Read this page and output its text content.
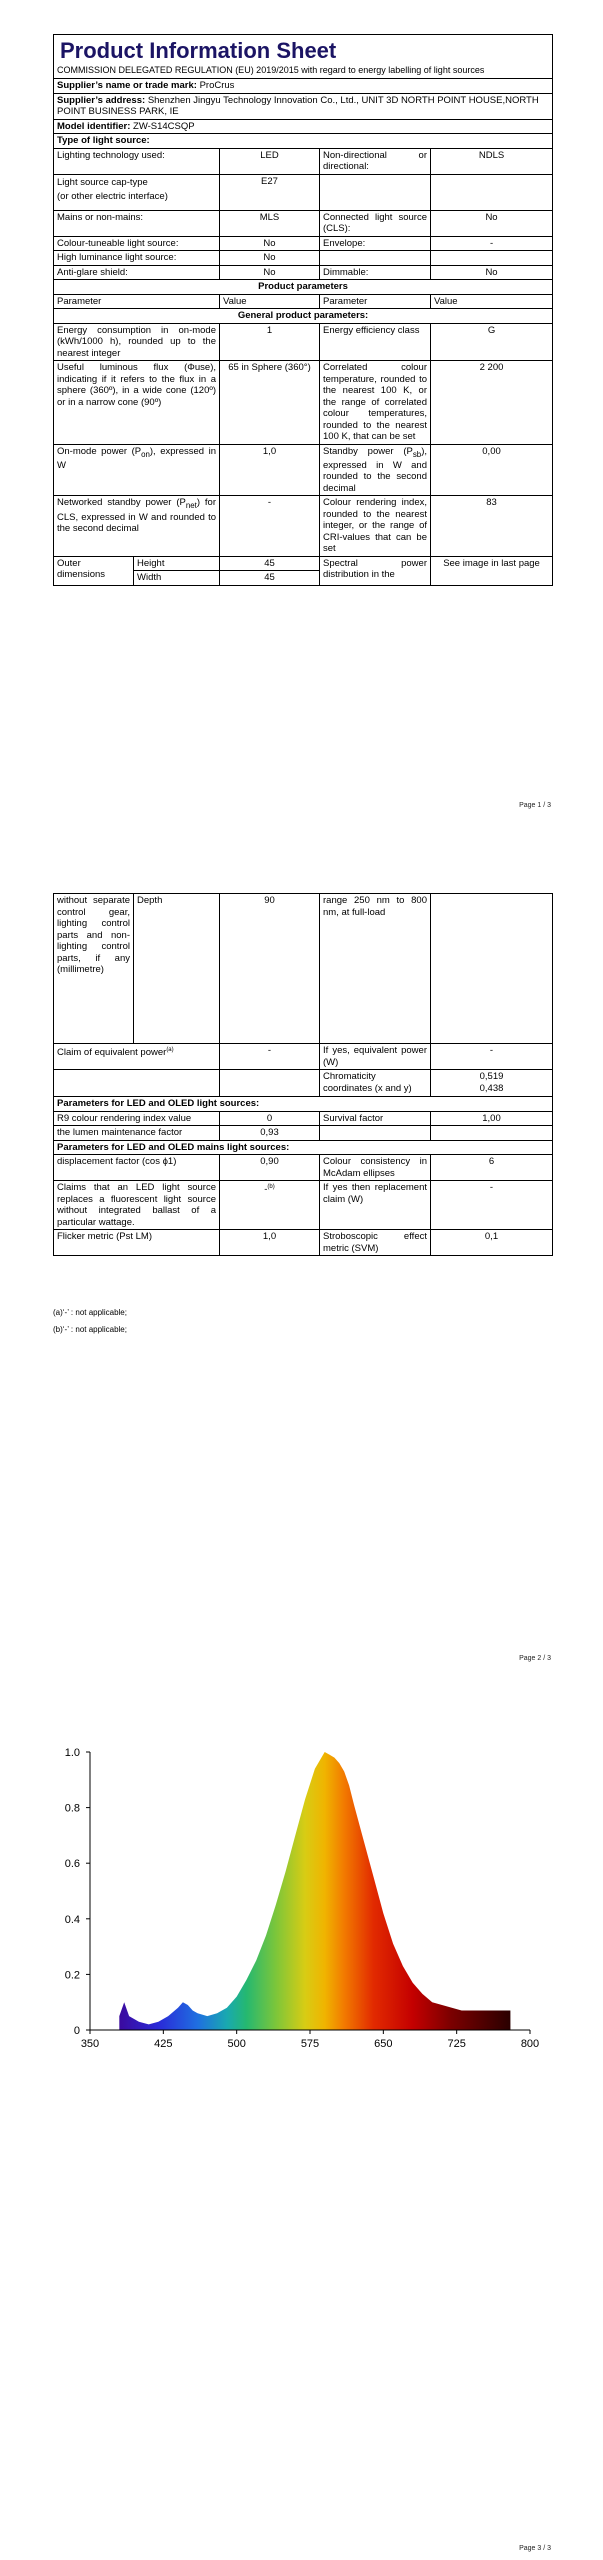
Product Information Sheet
COMMISSION DELEGATED REGULATION (EU) 2019/2015 with regard to energy labelling of light sources				

Supplier’s name or trade mark: ProCrus				
Supplier’s address: Shenzhen Jingyu Technology Innovation Co., Ltd., UNIT 3D NORTH POINT HOUSE,NORTH POINT BUSINESS PARK, IE				
Model identifier: ZW-S14CSQP				
Type of light source:				
Lighting technology used:		LED	Non-directional or directional:	NDLS

Light source cap-type
(or other electric interface)		E27		
Mains or non-mains:		MLS	Connected light source (CLS):	No
Colour-tuneable light source:		No	Envelope:	-
High luminance light source:		No		
Anti-glare shield:		No	Dimmable:	No
Product parameters				
Parameter		Value	Parameter	Value
General product parameters:				
Energy consumption in on-mode (kWh/1000 h), rounded up to the nearest integer		1	Energy efficiency class	G
Useful luminous flux (Φuse), indicating if it refers to the flux in a sphere (360º), in a wide cone (120º) or in a narrow cone (90º)		65 in Sphere (360°)	Correlated colour temperature, rounded to the nearest 100 K, or the range of correlated colour temperatures, rounded to the nearest 100 K, that can be set	2 200
On-mode power $(P_{on})$, expressed in W		1,0	Standby power $(P_{sb})$, expressed in W and rounded to the second decimal	0,00
Networked standby power $(P_{net})$ for CLS, expressed in W and rounded to the second decimal		-	Colour rendering index, rounded to the nearest integer, or the range of CRI-values that can be set	83
Outer dimensions	Height	45	Spectral power distribution in the	See image in last page
	Width	45		
Page 1 / 3
without separate control gear, lighting control parts and non-lighting control parts, if any (millimetre)	Depth	90	range 250 nm to 800 nm, at full-load	
Claim of equivalent power$^{(a)}$		-	If yes, equivalent power (W)	-
			Chromaticity coordinates (x and y)	0,519
0,438

Parameters for LED and OLED light sources:				
R9 colour rendering index value		0	Survival factor	1,00
the lumen maintenance factor		0,93		
Parameters for LED and OLED mains light sources:				
displacement factor (cos ϕ1)		0,90	Colour consistency in McAdam ellipses	6
Claims that an LED light source replaces a fluorescent light source without integrated ballast of a particular wattage.		-$^{(b)}$	If yes then replacement claim (W)	-
Flicker metric (Pst LM)		1,0	Stroboscopic effect metric (SVM)	0,1
(a)‘-’ : not applicable;
(b)‘-’ : not applicable;
Page 2 / 3
0
0.2
0.4
0.6
0.8
1.0
350	425	500	575	650	725	800
Page 3 / 3
